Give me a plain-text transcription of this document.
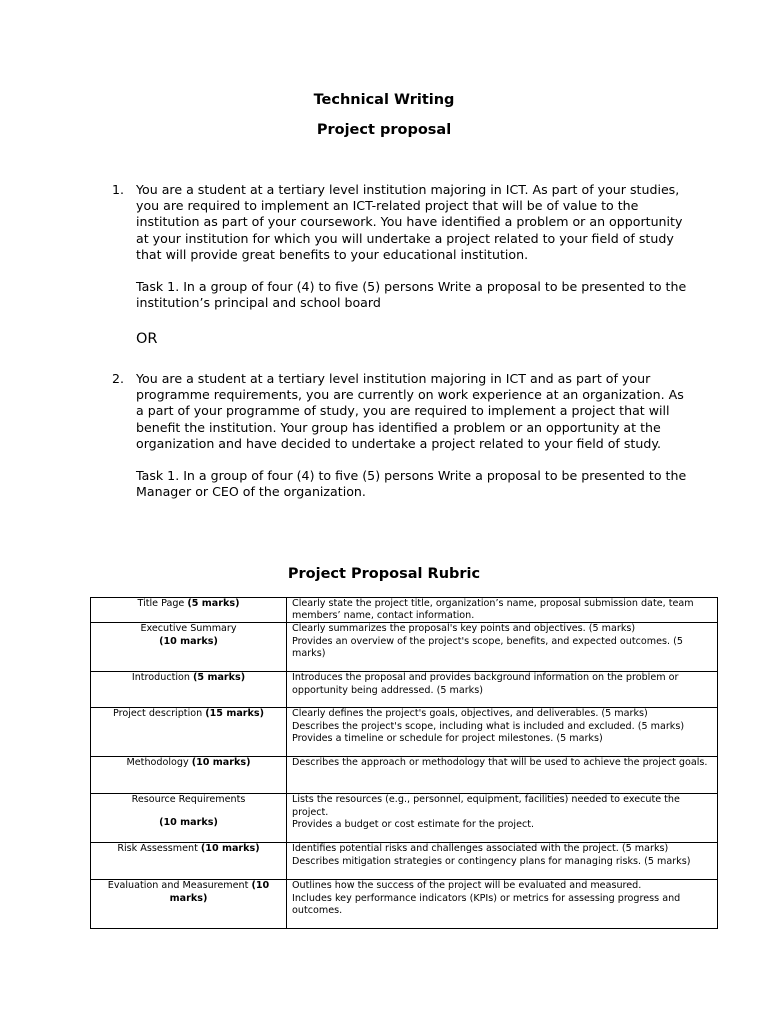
Technical Writing
Project proposal
1. You are a student at a tertiary level institution majoring in ICT. As part of your studies, you are required to implement an ICT-related project that will be of value to the institution as part of your coursework. You have identified a problem or an opportunity at your institution for which you will undertake a project related to your field of study that will provide great benefits to your educational institution.

Task 1. In a group of four (4) to five (5) persons Write a proposal to be presented to the institution’s principal and school board

OR
2. You are a student at a tertiary level institution majoring in ICT and as part of your programme requirements, you are currently on work experience at an organization. As a part of your programme of study, you are required to implement a project that will benefit the institution. Your group has identified a problem or an opportunity at the organization and have decided to undertake a project related to your field of study.

Task 1. In a group of four (4) to five (5) persons Write a proposal to be presented to the Manager or CEO of the organization.

Project Proposal Rubric
Title Page (5 marks)	Clearly state the project title, organization’s name, proposal submission date, team members’ name, contact information.

Executive Summary
(10 marks)	Clearly summarizes the proposal's key points and objectives. (5 marks)
Provides an overview of the project's scope, benefits, and expected outcomes. (5 marks)

Introduction (5 marks)	Introduces the proposal and provides background information on the problem or opportunity being addressed. (5 marks)

Project description (15 marks)	Clearly defines the project's goals, objectives, and deliverables. (5 marks)
Describes the project's scope, including what is included and excluded. (5 marks)
Provides a timeline or schedule for project milestones. (5 marks)

Methodology (10 marks)	Describes the approach or methodology that will be used to achieve the project goals.

Resource Requirements
(10 marks)	Lists the resources (e.g., personnel, equipment, facilities) needed to execute the project.
Provides a budget or cost estimate for the project.

Risk Assessment (10 marks)	Identifies potential risks and challenges associated with the project. (5 marks)
Describes mitigation strategies or contingency plans for managing risks. (5 marks)

Evaluation and Measurement (10 marks)	Outlines how the success of the project will be evaluated and measured.
Includes key performance indicators (KPIs) or metrics for assessing progress and outcomes.
